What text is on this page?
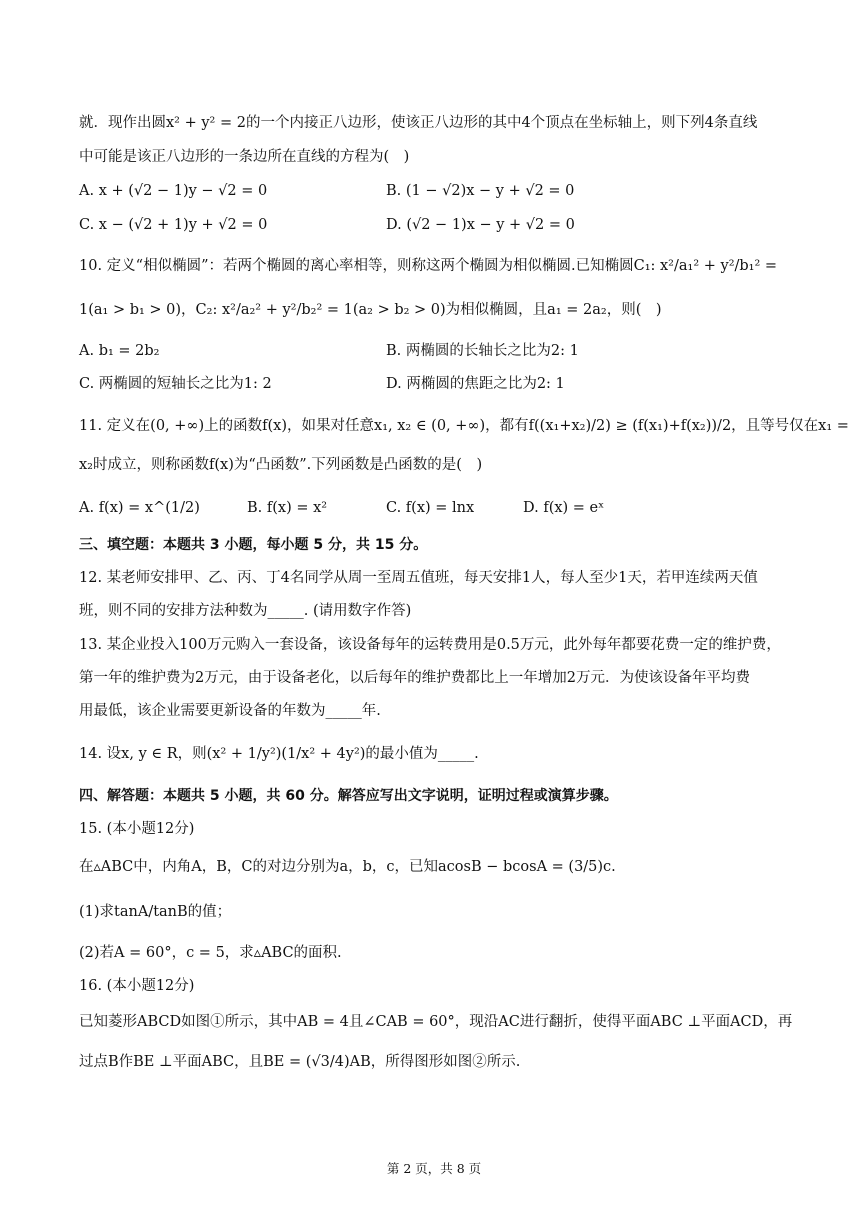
就．现作出圆x² + y² = 2的一个内接正八边形，使该正八边形的其中4个顶点在坐标轴上，则下列4条直线
中可能是该正八边形的一条边所在直线的方程为(　)
A. x + (√2 − 1)y − √2 = 0	B. (1 − √2)x − y + √2 = 0
C. x − (√2 + 1)y + √2 = 0	D. (√2 − 1)x − y + √2 = 0
10. 定义“相似椭圆”：若两个椭圆的离心率相等，则称这两个椭圆为相似椭圆.已知椭圆C₁: x²/a₁² + y²/b₁² =
1(a₁ > b₁ > 0)，C₂: x²/a₂² + y²/b₂² = 1(a₂ > b₂ > 0)为相似椭圆，且a₁ = 2a₂，则(　)
A. b₁ = 2b₂	B. 两椭圆的长轴长之比为2: 1
C. 两椭圆的短轴长之比为1: 2	D. 两椭圆的焦距之比为2: 1
11. 定义在(0, +∞)上的函数f(x)，如果对任意x₁, x₂ ∈ (0, +∞)，都有f((x₁+x₂)/2) ≥ (f(x₁)+f(x₂))/2，且等号仅在x₁ =
x₂时成立，则称函数f(x)为“凸函数”.下列函数是凸函数的是(　)
A. f(x) = x^(1/2)	B. f(x) = x²	C. f(x) = lnx	D. f(x) = eˣ
三、填空题：本题共 3 小题，每小题 5 分，共 15 分。
12. 某老师安排甲、乙、丙、丁4名同学从周一至周五值班，每天安排1人，每人至少1天，若甲连续两天值
班，则不同的安排方法种数为_____. (请用数字作答)
13. 某企业投入100万元购入一套设备，该设备每年的运转费用是0.5万元，此外每年都要花费一定的维护费，
第一年的维护费为2万元，由于设备老化，以后每年的维护费都比上一年增加2万元．为使该设备年平均费
用最低，该企业需要更新设备的年数为_____年.
14. 设x, y ∈ R，则(x² + 1/y²)(1/x² + 4y²)的最小值为_____.
四、解答题：本题共 5 小题，共 60 分。解答应写出文字说明，证明过程或演算步骤。
15. (本小题12分)
在▵ABC中，内角A，B，C的对边分别为a，b，c，已知acosB − bcosA = (3/5)c.
(1)求tanA/tanB的值；
(2)若A = 60°，c = 5，求▵ABC的面积.
16. (本小题12分)
已知菱形ABCD如图①所示，其中AB = 4且∠CAB = 60°，现沿AC进行翻折，使得平面ABC ⊥平面ACD，再
过点B作BE ⊥平面ABC，且BE = (√3/4)AB，所得图形如图②所示.
第 2 页，共 8 页
